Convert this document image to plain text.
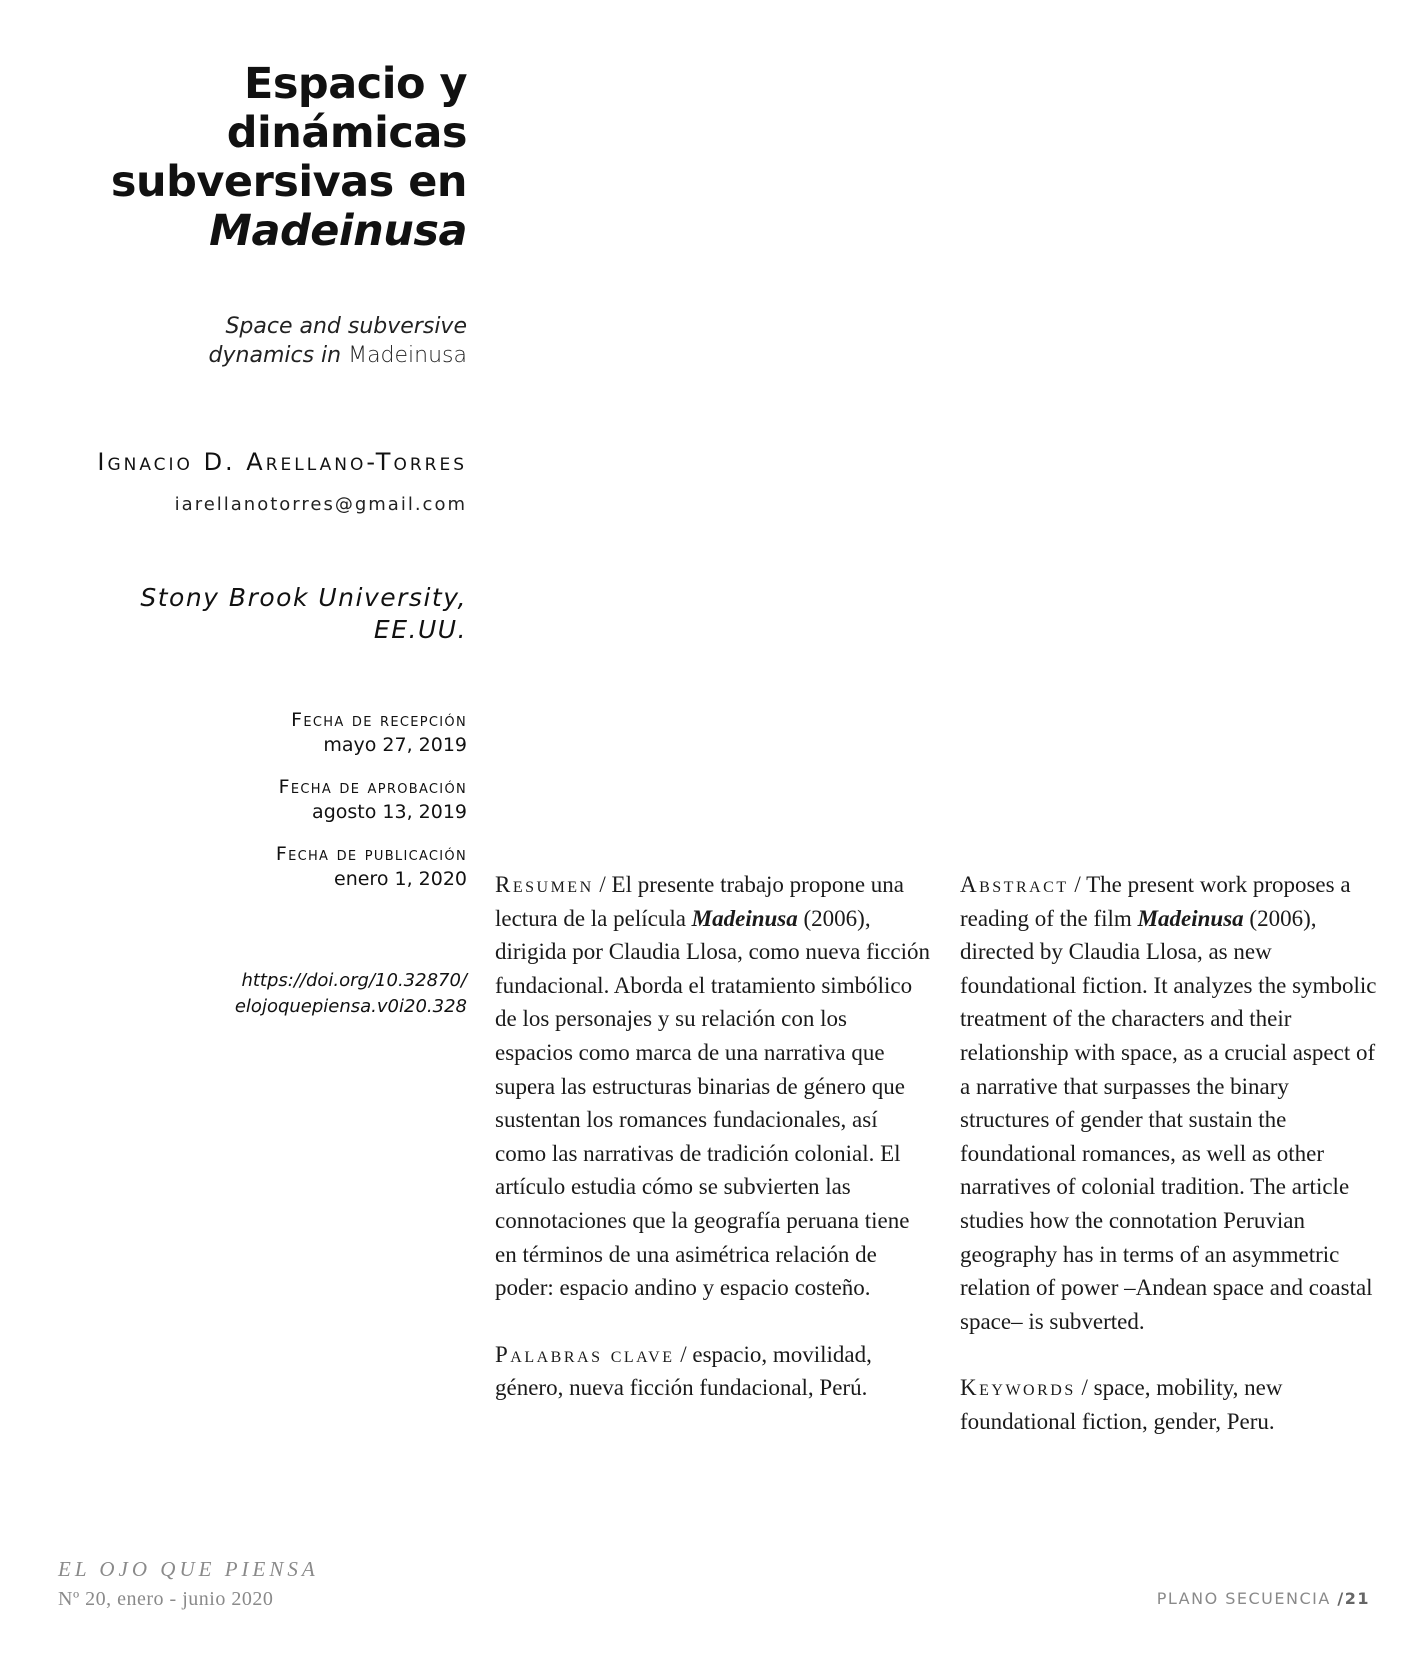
Espacio y
dinámicas
subversivas en
Madeinusa
Space and subversive
dynamics in Madeinusa
Ignacio D. Arellano-Torres
iarellanotorres@gmail.com
Stony Brook University,
EE.UU.
Fecha de recepción
mayo 27, 2019
Fecha de aprobación
agosto 13, 2019
Fecha de publicación
enero 1, 2020
https://doi.org/10.32870/
elojoquepiensa.v0i20.328

Resumen / El presente trabajo propone una lectura de la película Madeinusa (2006), dirigida por Claudia Llosa, como nueva ficción fundacional. Aborda el tratamiento simbólico de los personajes y su relación con los espacios como marca de una narrativa que supera las estructuras binarias de género que sustentan los romances fundacionales, así como las narrativas de tradición colonial. El artículo estudia cómo se subvierten las connotaciones que la geografía peruana tiene en términos de una asimétrica relación de poder: espacio andino y espacio costeño.

Palabras clave / espacio, movilidad, género, nueva ficción fundacional, Perú.

Abstract / The present work proposes a reading of the film Madeinusa (2006), directed by Claudia Llosa, as new foundational fiction. It analyzes the symbolic treatment of the characters and their relationship with space, as a crucial aspect of a narrative that surpasses the binary structures of gender that sustain the foundational romances, as well as other narratives of colonial tradition. The article studies how the connotation Peruvian geography has in terms of an asymmetric relation of power –Andean space and coastal space– is subverted.

Keywords / space, mobility, new foundational fiction, gender, Peru.

EL OJO QUE PIENSA
Nº 20, enero - junio 2020	PLANO SECUENCIA /21
